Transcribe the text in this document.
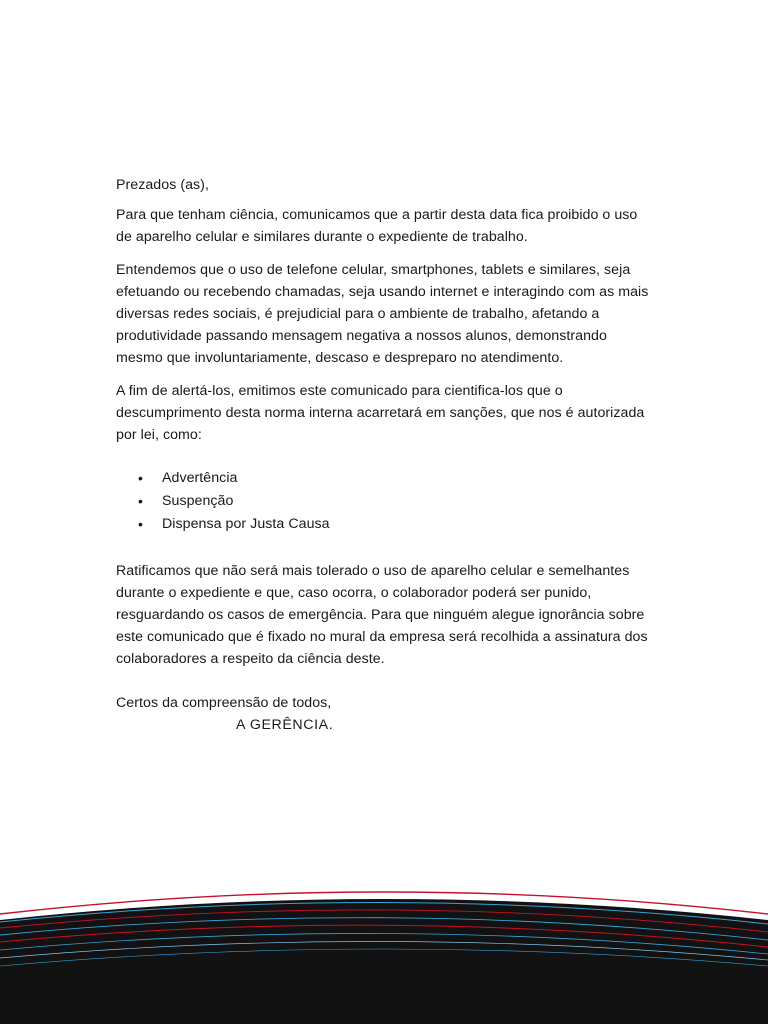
Prezados (as),

Para que tenham ciência, comunicamos que a partir desta data fica proibido o uso de aparelho celular e similares durante o expediente de trabalho.

Entendemos que o uso de telefone celular, smartphones, tablets e similares, seja efetuando ou recebendo chamadas, seja usando internet e interagindo com as mais diversas redes sociais, é prejudicial para o ambiente de trabalho, afetando a produtividade passando mensagem negativa a nossos alunos, demonstrando mesmo que involuntariamente, descaso e despreparo no atendimento.

A fim de alertá-los, emitimos este comunicado para cientifica-los que o descumprimento desta norma interna acarretará em sanções, que nos é autorizada por lei, como:

• Advertência
• Suspenção
• Dispensa por Justa Causa

Ratificamos que não será mais tolerado o uso de aparelho celular e semelhantes durante o expediente e que, caso ocorra, o colaborador poderá ser punido, resguardando os casos de emergência. Para que ninguém alegue ignorância sobre este comunicado que é fixado no mural da empresa será recolhida a assinatura dos colaboradores a respeito da ciência deste.

Certos da compreensão de todos,

A GERÊNCIA.
